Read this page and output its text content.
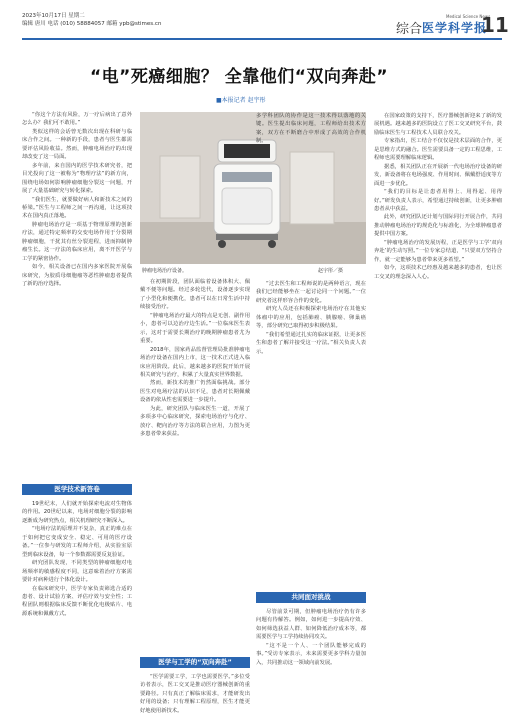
2023年10月17日 星期二
编辑 唐川 电话 (010) 58884057 邮箱 ypb@stimes.cn	综合 医学科学报
Medical Science News
11
“电”死癌细胞？ 全靠他们“双向奔赴”
■本报记者 赵宇彤

“你这个方法有风险，万一疗后病出了意外怎么办？我们可不敢用。”

类似这样的会话曾无数次出现在科研与临床合作之间。一种新的手段，患者与医生都需要评估风险收益。然而，肿瘤电场治疗的出现却改变了这一局面。

多年前，来自国内的医学技术研究者，把目光投向了这一被称为“物理疗法”的新方向，围绕电场如何影响肿瘤细胞分裂这一问题，开展了大量基础研究与转化探索。

“我们医生，就要做好病人和新技术之间的桥梁。”医生与工程师之间一再沟通，让这项技术在国内真正落地。

肿瘤电场治疗是一项基于物理原理的创新疗法，通过特定频率的交变电场作用于分裂期肿瘤细胞，干扰其有丝分裂进程，进而抑制肿瘤生长。这一疗法的临床应用，离不开医学与工学的紧密协作。

如今，相关设备已在国内多家医院开展临床研究，为胶质母细胞瘤等恶性肿瘤患者提供了新的治疗选择。

医学技术新答卷

19世纪末，人们就开始探索电流对生物体的作用。20世纪以来，电场对细胞分裂的影响逐渐成为研究热点，相关机理研究不断深入。

“电场疗法的原理并不复杂，真正的难点在于如何把它变成安全、稳定、可用的医疗设备。”一位参与研发的工程师介绍，从实验室原型到临床设备，每一个参数都需要反复验证。

研究团队发现，不同类型的肿瘤细胞对电场频率的敏感程度不同，这意味着治疗方案需要针对病种进行个体化设计。

在临床研究中，医学专家负责筛选合适的患者、设计试验方案、评估疗效与安全性；工程团队则根据临床反馈不断优化电极贴片、电源系统和佩戴方式。

肿瘤电场治疗设备。	赵宇彤／摄

在初期阶段，团队面临着设备体积大、佩戴不便等问题。经过多轮迭代，设备逐步实现了小型化和便携化，患者可以在日常生活中持续接受治疗。

“肿瘤电场治疗最大的特点是无创、副作用小，患者可以边治疗边生活。”一位临床医生表示，这对于需要长期治疗的晚期肿瘤患者尤为重要。

2018年，国家药品监督管理局批准肿瘤电场治疗设备在国内上市，这一技术正式进入临床应用阶段。此后，越来越多的医院开始开展相关研究与治疗，积累了大量真实世界数据。

然而，新技术的推广仍然面临挑战。部分医生对电场疗法的认识不足，患者对长期佩戴设备的依从性也需要进一步提升。

为此，研究团队与临床医生一道，开展了多项多中心临床研究，探索电场治疗与化疗、放疗、靶向治疗等方法的联合应用，力图为更多患者带来获益。

医学与工学的“双向奔赴”

“医学需要工学，工学也需要医学。”多位受访者表示，医工交叉是推动医疗器械创新的重要路径。只有真正了解临床需求，才能研发出好用的设备；只有理解工程原理，医生才能更好地使用新技术。

多学科团队的协作是这一技术得以落地的关键。医生提出临床问题，工程师给出技术方案，双方在不断磨合中形成了高效的合作机制。

“过去医生和工程师说的是两种语言，现在我们已经能够坐在一起讨论同一个问题。”一位研究者这样形容合作的变化。

研究人员还在积极探索电场治疗在其他实体瘤中的应用，包括肺癌、胰腺癌、卵巢癌等，部分研究已取得初步积极结果。

“我们希望通过扎实的临床证据，让更多医生和患者了解并接受这一疗法。”相关负责人表示。

共同面对挑战

尽管前景可期，但肿瘤电场治疗仍有许多问题有待解答。例如，如何进一步提高疗效、如何筛选获益人群、如何降低治疗成本等，都需要医学与工学持续协同攻关。

“这不是一个人、一个团队能够完成的事。”受访专家表示，未来需要更多学科力量加入，共同推动这一领域向前发展。

在国家政策的支持下，医疗器械创新迎来了新的发展机遇。越来越多的医院设立了医工交叉研究平台，鼓励临床医生与工程技术人员联合攻关。

专家指出，医工结合不仅仅是技术层面的合作，更是思维方式的融合。医生需要具备一定的工程思维，工程师也需要理解临床逻辑。

据悉，相关团队正在开展新一代电场治疗设备的研发，新设备将在电场强度、作用时间、佩戴舒适度等方面进一步优化。

“我们的目标是让患者用得上、用得起、用得好。”研发负责人表示，希望通过持续创新，让更多肿瘤患者从中获益。

此外，研究团队还计划与国际同行开展合作，共同推动肿瘤电场治疗的规范化与标准化，为全球肿瘤患者提供中国方案。

“肿瘤电场治疗的发展历程，正是医学与工学‘双向奔赴’的生动写照。”一位专家总结道，“只要双方坚持合作，就一定能够为患者带来更多希望。”

如今，这项技术已经惠及越来越多的患者，也让医工交叉的理念深入人心。
